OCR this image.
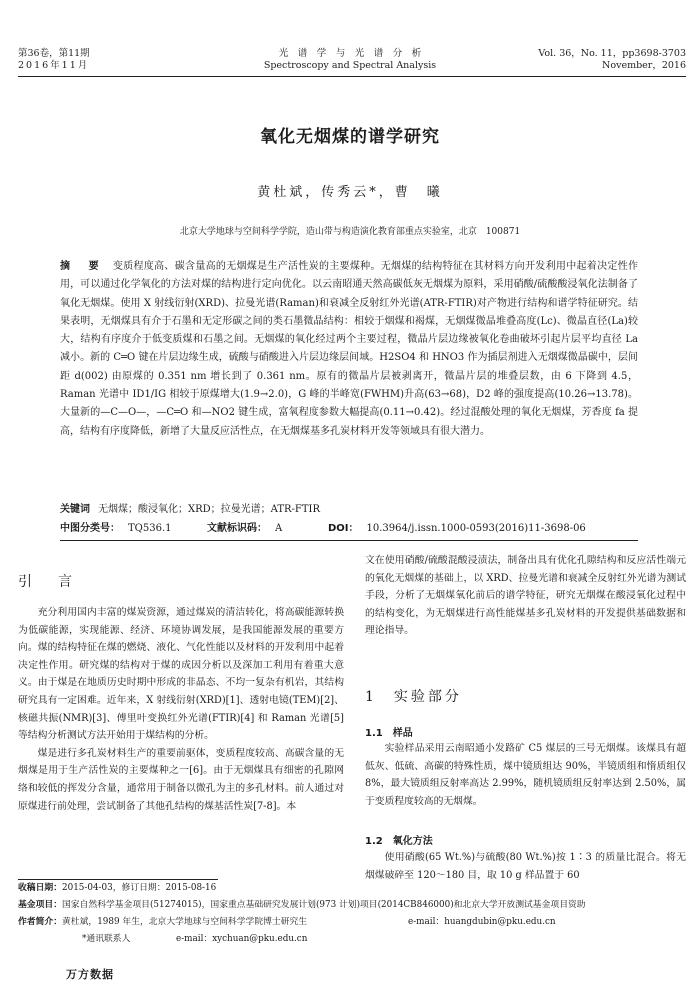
第36卷，第11期
2016年11月
光　谱　学　与　光　谱　分　析
Spectroscopy and Spectral Analysis
Vol. 36，No. 11，pp3698-3703
November，2016
氧化无烟煤的谱学研究
黄杜斌，传秀云*，曹　曦
北京大学地球与空间科学学院，造山带与构造演化教育部重点实验室，北京　100871
摘　要 变质程度高、碳含量高的无烟煤是生产活性炭的主要煤种。无烟煤的结构特征在其材料方向开发利用中起着决定性作用，可以通过化学氧化的方法对煤的结构进行定向优化。以云南昭通天然高碳低灰无烟煤为原料，采用硝酸/硫酸酸浸氧化法制备了氧化无烟煤。使用 X 射线衍射(XRD)、拉曼光谱(Raman)和衰减全反射红外光谱(ATR-FTIR)对产物进行结构和谱学特征研究。结果表明，无烟煤具有介于石墨和无定形碳之间的类石墨微晶结构：相较于烟煤和褐煤，无烟煤微晶堆叠高度(Lc)、微晶直径(La)较大，结构有序度介于低变质煤和石墨之间。无烟煤的氧化经过两个主要过程，微晶片层边缘被氧化卷曲破坏引起片层平均直径 La 减小。新的 C═O 键在片层边缘生成，硫酸与硝酸进入片层边缘层间域。H2SO4 和 HNO3 作为插层剂进入无烟煤微晶碳中，层间距 d(002) 由原煤的 0.351 nm 增长到了 0.361 nm。原有的微晶片层被剥离开，微晶片层的堆叠层数，由 6 下降到 4.5，Raman 光谱中 ID1/IG 相较于原煤增大(1.9→2.0)，G 峰的半峰宽(FWHM)升高(63→68)，D2 峰的强度提高(10.26→13.78)。大量新的—C—O—，—C═O 和—NO2 键生成，富氧程度参数大幅提高(0.11→0.42)。经过混酸处理的氧化无烟煤，芳香度 fa 提高，结构有序度降低，新增了大量反应活性点，在无烟煤基多孔炭材料开发等领域具有很大潜力。
关键词 无烟煤；酸浸氧化；XRD；拉曼光谱；ATR-FTIR
中图分类号： TQ536.1	文献标识码： A	DOI： 10.3964/j.issn.1000-0593(2016)11-3698-06
引　言

充分利用国内丰富的煤炭资源，通过煤炭的清洁转化，将高碳能源转换为低碳能源，实现能源、经济、环境协调发展，是我国能源发展的重要方向。煤的结构特征在煤的燃烧、液化、气化性能以及材料的开发利用中起着决定性作用。研究煤的结构对于煤的成因分析以及深加工利用有着重大意义。由于煤是在地质历史时期中形成的非晶态、不均一复杂有机岩，其结构研究具有一定困难。近年来，X 射线衍射(XRD)[1]、透射电镜(TEM)[2]、核磁共振(NMR)[3]、傅里叶变换红外光谱(FTIR)[4] 和 Raman 光谱[5] 等结构分析测试方法开始用于煤结构的分析。

煤是进行多孔炭材料生产的重要前驱体，变质程度较高、高碳含量的无烟煤是用于生产活性炭的主要煤种之一[6]。由于无烟煤具有细密的孔隙网络和较低的挥发分含量，通常用于制备以微孔为主的多孔材料。前人通过对原煤进行前处理，尝试制备了其他孔结构的煤基活性炭[7-8]。本

文在使用硝酸/硫酸混酸浸渍法，制备出具有优化孔隙结构和反应活性端元的氧化无烟煤的基础上，以 XRD、拉曼光谱和衰减全反射红外光谱为测试手段，分析了无烟煤氧化前后的谱学特征，研究无烟煤在酸浸氧化过程中的结构变化，为无烟煤进行高性能煤基多孔炭材料的开发提供基础数据和理论指导。

1　实验部分
1.1　样品

实验样品采用云南昭通小发路矿 C5 煤层的三号无烟煤。该煤具有超低灰、低硫、高碳的特殊性质，煤中镜质组达 90%，半镜质组和惰质组仅 8%，最大镜质组反射率高达 2.99%，随机镜质组反射率达到 2.50%，属于变质程度较高的无烟煤。

1.2　氧化方法

使用硝酸(65 Wt.%)与硫酸(80 Wt.%)按 1∶3 的质量比混合。将无烟煤破碎至 120～180 目，取 10 g 样品置于 60

收稿日期：2015-04-03，修订日期：2015-08-16
基金项目：国家自然科学基金项目(51274015)，国家重点基础研究发展计划(973 计划)项目(2014CB846000)和北京大学开放测试基金项目资助
作者简介：黄杜斌，1989 年生，北京大学地球与空间科学学院博士研究生	e-mail：huangdubin@pku.edu.cn
*通讯联系人	e-mail：xychuan@pku.edu.cn
万方数据
